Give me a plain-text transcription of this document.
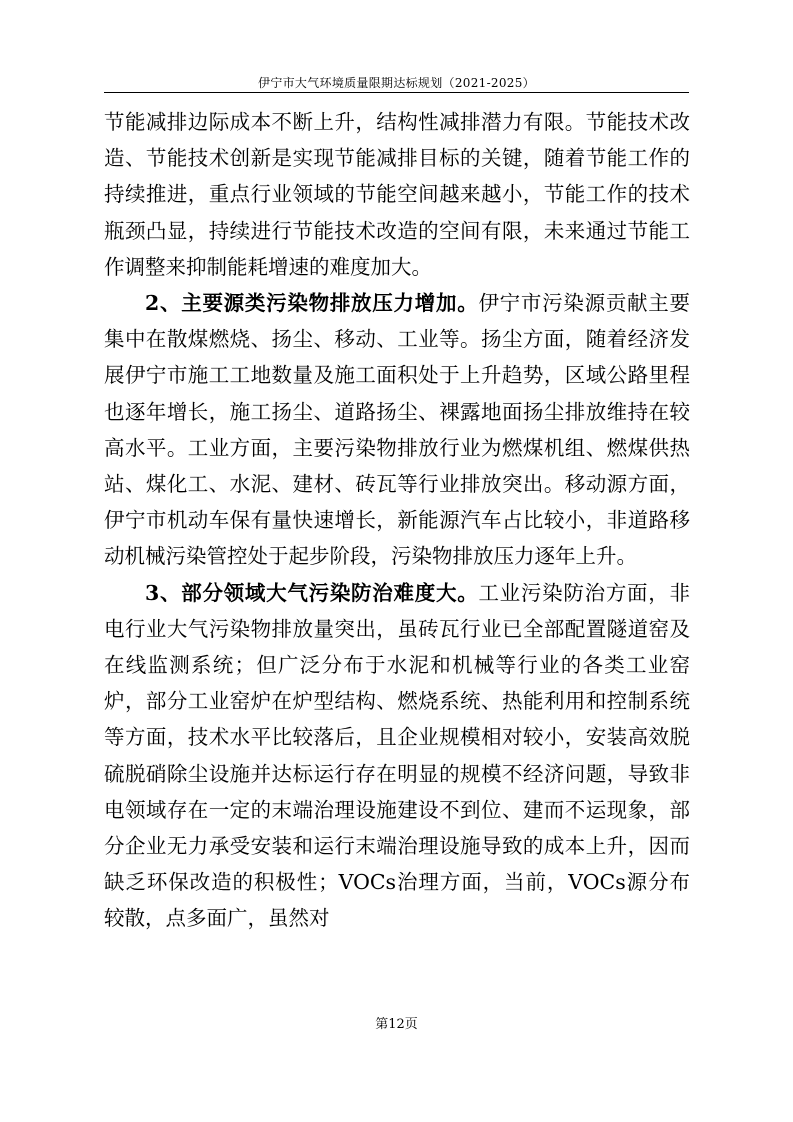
伊宁市大气环境质量限期达标规划（2021-2025）

节能减排边际成本不断上升，结构性减排潜力有限。节能技术改造、节能技术创新是实现节能减排目标的关键，随着节能工作的持续推进，重点行业领域的节能空间越来越小，节能工作的技术瓶颈凸显，持续进行节能技术改造的空间有限，未来通过节能工作调整来抑制能耗增速的难度加大。

2、主要源类污染物排放压力增加。伊宁市污染源贡献主要集中在散煤燃烧、扬尘、移动、工业等。扬尘方面，随着经济发展伊宁市施工工地数量及施工面积处于上升趋势，区域公路里程也逐年增长，施工扬尘、道路扬尘、裸露地面扬尘排放维持在较高水平。工业方面，主要污染物排放行业为燃煤机组、燃煤供热站、煤化工、水泥、建材、砖瓦等行业排放突出。移动源方面，伊宁市机动车保有量快速增长，新能源汽车占比较小，非道路移动机械污染管控处于起步阶段，污染物排放压力逐年上升。

3、部分领域大气污染防治难度大。工业污染防治方面，非电行业大气污染物排放量突出，虽砖瓦行业已全部配置隧道窑及在线监测系统；但广泛分布于水泥和机械等行业的各类工业窑炉，部分工业窑炉在炉型结构、燃烧系统、热能利用和控制系统等方面，技术水平比较落后，且企业规模相对较小，安装高效脱硫脱硝除尘设施并达标运行存在明显的规模不经济问题，导致非电领域存在一定的末端治理设施建设不到位、建而不运现象，部分企业无力承受安装和运行末端治理设施导致的成本上升，因而缺乏环保改造的积极性；VOCs治理方面，当前，VOCs源分布较散，点多面广，虽然对

第12页
